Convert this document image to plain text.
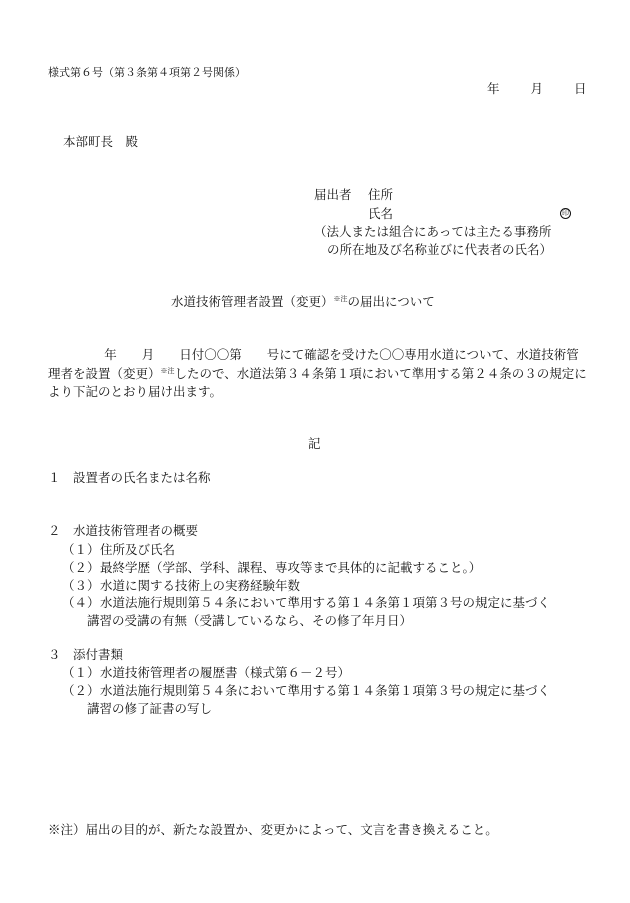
様式第６号（第３条第４項第２号関係）
年 月 日
本部町長　殿
届出者 住所
氏名	印
（法人または組合にあっては主たる事務所
の所在地及び名称並びに代表者の氏名）
水道技術管理者設置（変更）$^{※注}$の届出について
年　　月　　日付〇〇第　　号にて確認を受けた〇〇専用水道について、水道技術管理者を設置（変更）$^{※注}$したので、水道法第３４条第１項において準用する第２４条の３の規定により下記のとおり届け出ます。
記
１ 設置者の氏名または名称
２ 水道技術管理者の概要
（１） 住所及び氏名
（２） 最終学歴（学部、学科、課程、専攻等まで具体的に記載すること。）
（３） 水道に関する技術上の実務経験年数
（４） 水道法施行規則第５４条において準用する第１４条第１項第３号の規定に基づく
講習の受講の有無（受講しているなら、その修了年月日）
３ 添付書類
（１） 水道技術管理者の履歴書（様式第６－２号）
（２） 水道法施行規則第５４条において準用する第１４条第１項第３号の規定に基づく
講習の修了証書の写し
※注）届出の目的が、新たな設置か、変更かによって、文言を書き換えること。
